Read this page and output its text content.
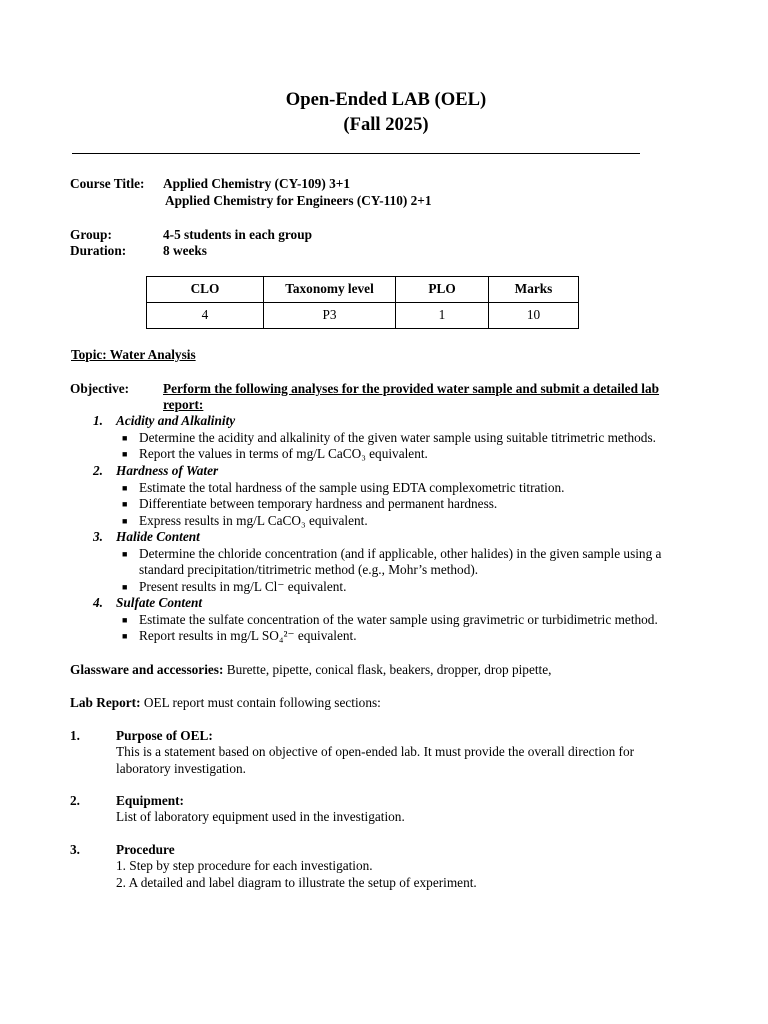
Open-Ended LAB (OEL)
(Fall 2025)
Course Title: Applied Chemistry (CY-109) 3+1
Applied Chemistry for Engineers (CY-110) 2+1
Group:	4-5 students in each group
Duration:	8 weeks
CLO	Taxonomy level	PLO	Marks
4	P3	1	10
Topic: Water Analysis
Objective:	Perform the following analyses for the provided water sample and submit a detailed lab
report:
1. Acidity and Alkalinity
■ Determine the acidity and alkalinity of the given water sample using suitable titrimetric methods.
■ Report the values in terms of mg/L CaCO₃ equivalent.
2. Hardness of Water
■ Estimate the total hardness of the sample using EDTA complexometric titration.
■ Differentiate between temporary hardness and permanent hardness.
■ Express results in mg/L CaCO₃ equivalent.
3. Halide Content
■ Determine the chloride concentration (and if applicable, other halides) in the given sample using a
standard precipitation/titrimetric method (e.g., Mohr’s method).
■ Present results in mg/L Cl⁻ equivalent.
4. Sulfate Content
■ Estimate the sulfate concentration of the water sample using gravimetric or turbidimetric method.
■ Report results in mg/L SO₄²⁻ equivalent.
Glassware and accessories: Burette, pipette, conical flask, beakers, dropper, drop pipette,
Lab Report: OEL report must contain following sections:
1.	Purpose of OEL:
This is a statement based on objective of open-ended lab. It must provide the overall direction for
laboratory investigation.
2.	Equipment:
List of laboratory equipment used in the investigation.
3.	Procedure
1. Step by step procedure for each investigation.
2. A detailed and label diagram to illustrate the setup of experiment.
